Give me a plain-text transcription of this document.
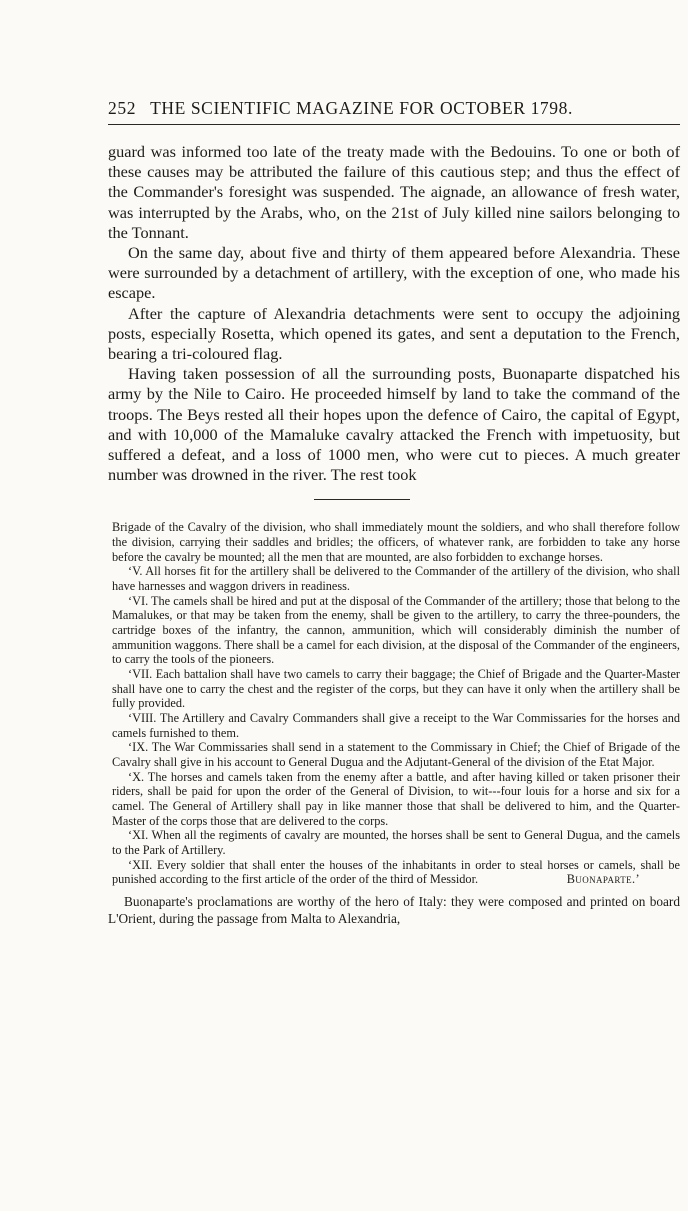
252 THE SCIENTIFIC MAGAZINE FOR OCTOBER 1798.

guard was informed too late of the treaty made with the Bedouins. To one or both of these causes may be attributed the failure of this cautious step; and thus the effect of the Commander's foresight was suspended. The aignade, an allowance of fresh water, was interrupted by the Arabs, who, on the 21st of July killed nine sailors belonging to the Tonnant.

On the same day, about five and thirty of them appeared before Alexandria. These were surrounded by a detachment of artillery, with the exception of one, who made his escape.

After the capture of Alexandria detachments were sent to occupy the adjoining posts, especially Rosetta, which opened its gates, and sent a deputation to the French, bearing a tri-coloured flag.

Having taken possession of all the surrounding posts, Buonaparte dispatched his army by the Nile to Cairo. He proceeded himself by land to take the command of the troops. The Beys rested all their hopes upon the defence of Cairo, the capital of Egypt, and with 10,000 of the Mamaluke cavalry attacked the French with impetuosity, but suffered a defeat, and a loss of 1000 men, who were cut to pieces. A much greater number was drowned in the river. The rest took

Brigade of the Cavalry of the division, who shall immediately mount the soldiers, and who shall therefore follow the division, carrying their saddles and bridles; the officers, of whatever rank, are forbidden to take any horse before the cavalry be mounted; all the men that are mounted, are also forbidden to exchange horses.

‘V. All horses fit for the artillery shall be delivered to the Commander of the artillery of the division, who shall have harnesses and waggon drivers in readiness.

‘VI. The camels shall be hired and put at the disposal of the Commander of the artillery; those that belong to the Mamalukes, or that may be taken from the enemy, shall be given to the artillery, to carry the three-pounders, the cartridge boxes of the infantry, the cannon, ammunition, which will considerably diminish the number of ammunition waggons. There shall be a camel for each division, at the disposal of the Commander of the engineers, to carry the tools of the pioneers.

‘VII. Each battalion shall have two camels to carry their baggage; the Chief of Brigade and the Quarter-Master shall have one to carry the chest and the register of the corps, but they can have it only when the artillery shall be fully provided.

‘VIII. The Artillery and Cavalry Commanders shall give a receipt to the War Commissaries for the horses and camels furnished to them.

‘IX. The War Commissaries shall send in a statement to the Commissary in Chief; the Chief of Brigade of the Cavalry shall give in his account to General Dugua and the Adjutant-General of the division of the Etat Major.

‘X. The horses and camels taken from the enemy after a battle, and after having killed or taken prisoner their riders, shall be paid for upon the order of the General of Division, to wit---four louis for a horse and six for a camel. The General of Artillery shall pay in like manner those that shall be delivered to him, and the Quarter-Master of the corps those that are delivered to the corps.

‘XI. When all the regiments of cavalry are mounted, the horses shall be sent to General Dugua, and the camels to the Park of Artillery.

‘XII. Every soldier that shall enter the houses of the inhabitants in order to steal horses or camels, shall be punished according to the first article of the order of the third of Messidor.	Buonaparte.’

Buonaparte's proclamations are worthy of the hero of Italy: they were composed and printed on board L'Orient, during the passage from Malta to Alexandria,
